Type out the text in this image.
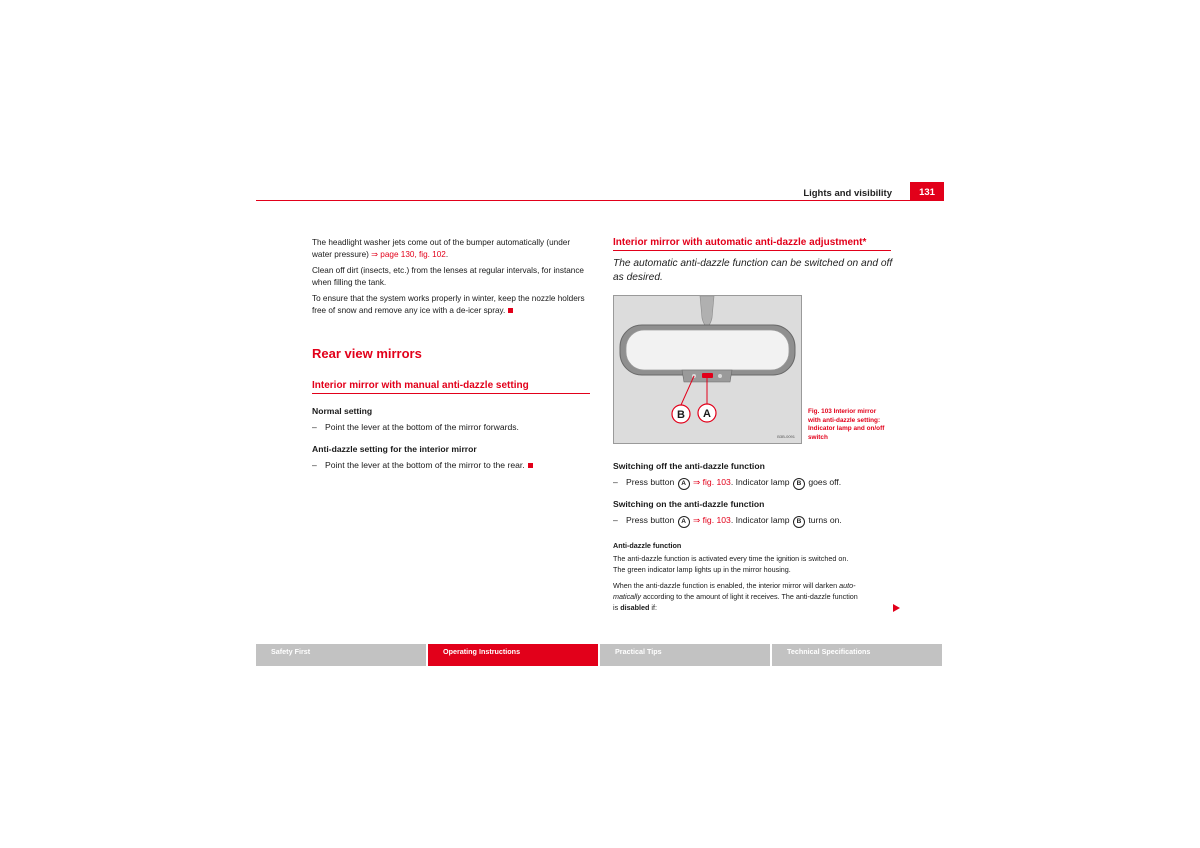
Lights and visibility	131
The headlight washer jets come out of the bumper automatically (under water pressure) ⇒ page 130, fig. 102.
Clean off dirt (insects, etc.) from the lenses at regular intervals, for instance when filling the tank.
To ensure that the system works properly in winter, keep the nozzle holders free of snow and remove any ice with a de-icer spray.
Rear view mirrors
Interior mirror with manual anti-dazzle setting
Normal setting
– Point the lever at the bottom of the mirror forwards.
Anti-dazzle setting for the interior mirror
– Point the lever at the bottom of the mirror to the rear.
Interior mirror with automatic anti-dazzle adjustment*
The automatic anti-dazzle function can be switched on and off as desired.
B A
B3B-0091
Fig. 103 Interior mirror
with anti-dazzle setting:
Indicator lamp and on/off
switch
Switching off the anti-dazzle function
– Press button A ⇒ fig. 103. Indicator lamp B goes off.
Switching on the anti-dazzle function
– Press button A ⇒ fig. 103. Indicator lamp B turns on.
Anti-dazzle function
The anti-dazzle function is activated every time the ignition is switched on.
The green indicator lamp lights up in the mirror housing.
When the anti-dazzle function is enabled, the interior mirror will darken auto-
matically according to the amount of light it receives. The anti-dazzle function
is disabled if:
Safety First	Operating Instructions	Practical Tips	Technical Specifications
